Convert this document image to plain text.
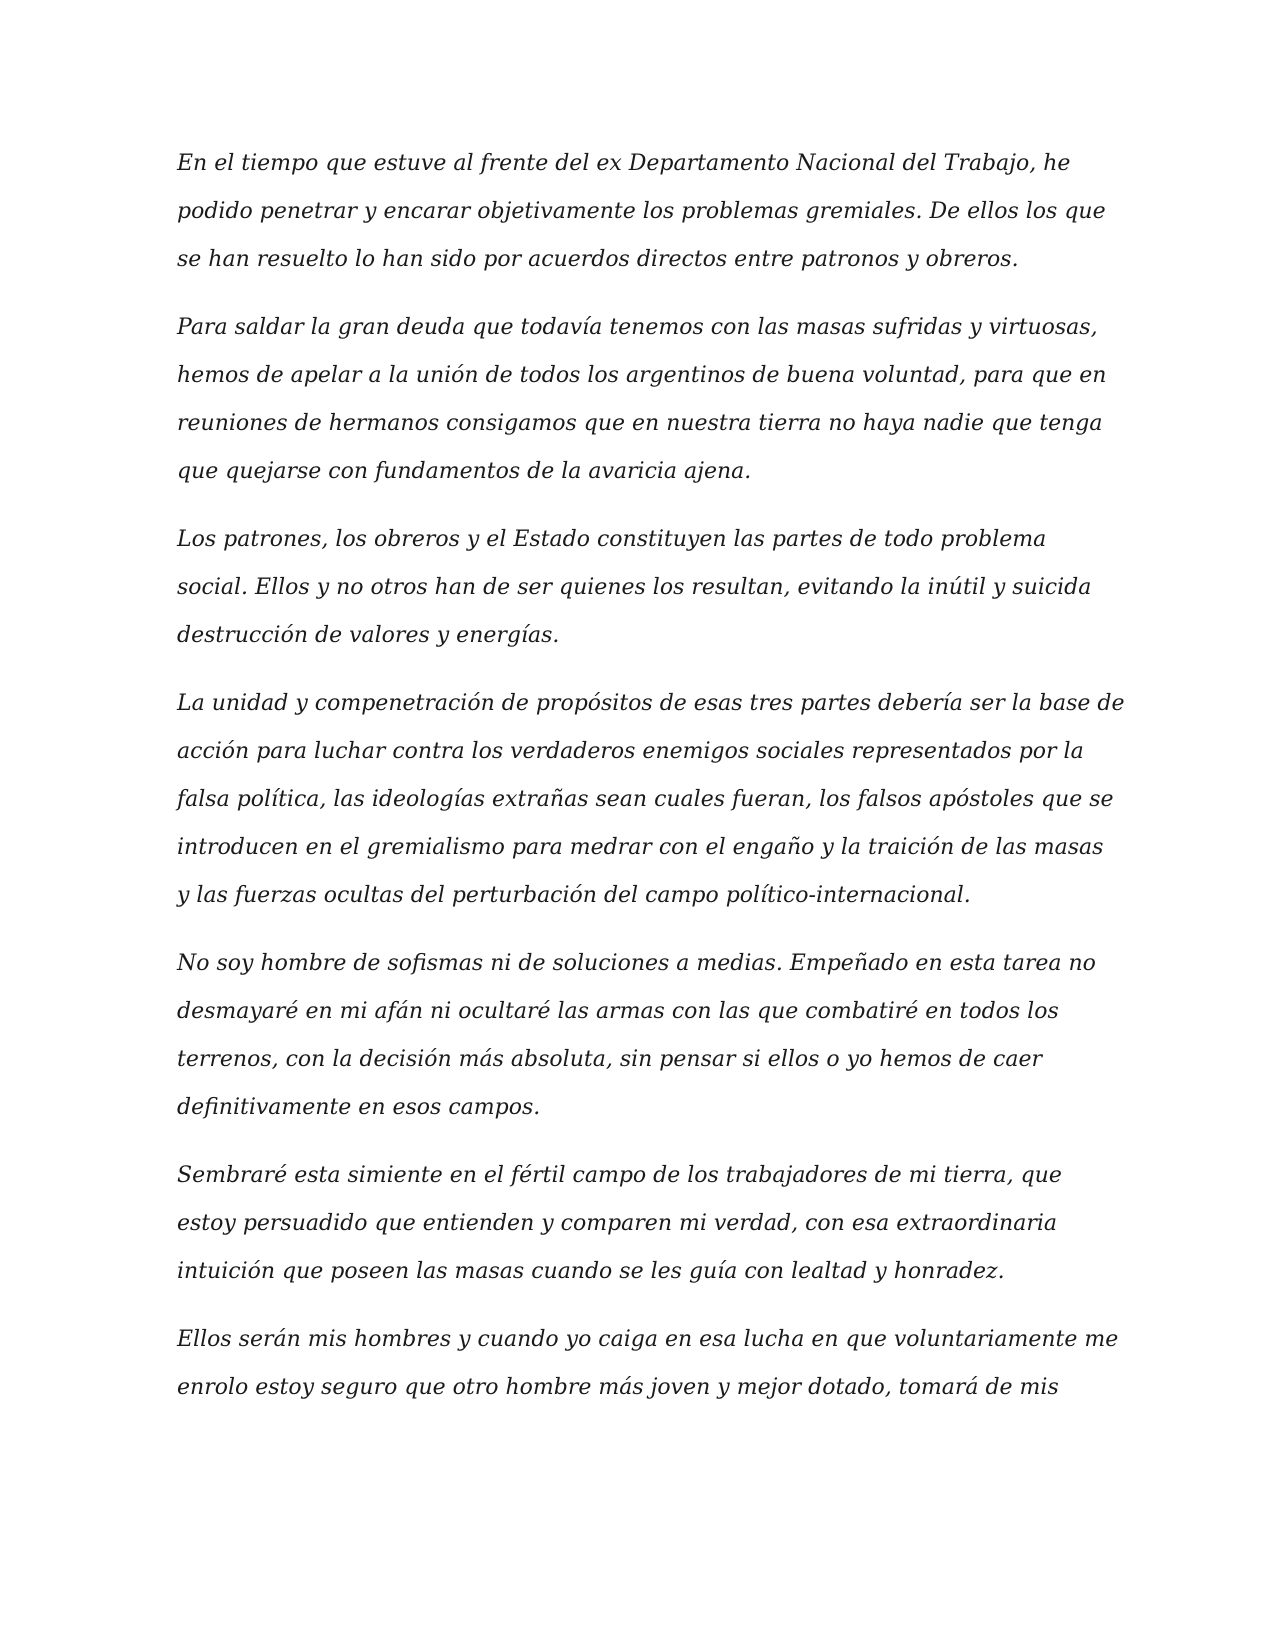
En el tiempo que estuve al frente del ex Departamento Nacional del Trabajo, he
podido penetrar y encarar objetivamente los problemas gremiales. De ellos los que
se han resuelto lo han sido por acuerdos directos entre patronos y obreros.

Para saldar la gran deuda que todavía tenemos con las masas sufridas y virtuosas,
hemos de apelar a la unión de todos los argentinos de buena voluntad, para que en
reuniones de hermanos consigamos que en nuestra tierra no haya nadie que tenga
que quejarse con fundamentos de la avaricia ajena.

Los patrones, los obreros y el Estado constituyen las partes de todo problema
social. Ellos y no otros han de ser quienes los resultan, evitando la inútil y suicida
destrucción de valores y energías.

La unidad y compenetración de propósitos de esas tres partes debería ser la base de
acción para luchar contra los verdaderos enemigos sociales representados por la
falsa política, las ideologías extrañas sean cuales fueran, los falsos apóstoles que se
introducen en el gremialismo para medrar con el engaño y la traición de las masas
y las fuerzas ocultas del perturbación del campo político-internacional.

No soy hombre de sofismas ni de soluciones a medias. Empeñado en esta tarea no
desmayaré en mi afán ni ocultaré las armas con las que combatiré en todos los
terrenos, con la decisión más absoluta, sin pensar si ellos o yo hemos de caer
definitivamente en esos campos.

Sembraré esta simiente en el fértil campo de los trabajadores de mi tierra, que
estoy persuadido que entienden y comparen mi verdad, con esa extraordinaria
intuición que poseen las masas cuando se les guía con lealtad y honradez.

Ellos serán mis hombres y cuando yo caiga en esa lucha en que voluntariamente me
enrolo estoy seguro que otro hombre más joven y mejor dotado, tomará de mis
